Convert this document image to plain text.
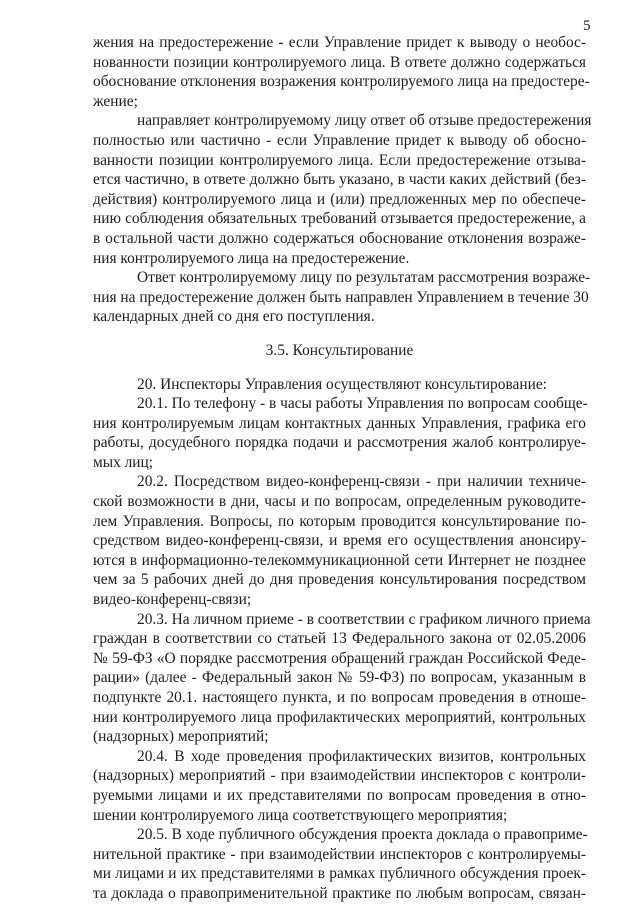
5
жения на предостережение - если Управление придет к выводу о необос-
нованности позиции контролируемого лица. В ответе должно содержаться
обоснование отклонения возражения контролируемого лица на предостере-
жение;
направляет контролируемому лицу ответ об отзыве предостережения
полностью или частично - если Управление придет к выводу об обосно-
ванности позиции контролируемого лица. Если предостережение отзыва-
ется частично, в ответе должно быть указано, в части каких действий (без-
действия) контролируемого лица и (или) предложенных мер по обеспече-
нию соблюдения обязательных требований отзывается предостережение, а
в остальной части должно содержаться обоснование отклонения возраже-
ния контролируемого лица на предостережение.
Ответ контролируемому лицу по результатам рассмотрения возраже-
ния на предостережение должен быть направлен Управлением в течение 30
календарных дней со дня его поступления.
3.5. Консультирование
20. Инспекторы Управления осуществляют консультирование:
20.1. По телефону - в часы работы Управления по вопросам сообще-
ния контролируемым лицам контактных данных Управления, графика его
работы, досудебного порядка подачи и рассмотрения жалоб контролируе-
мых лиц;
20.2. Посредством видео-конференц-связи - при наличии техниче-
ской возможности в дни, часы и по вопросам, определенным руководите-
лем Управления. Вопросы, по которым проводится консультирование по-
средством видео-конференц-связи, и время его осуществления анонсиру-
ются в информационно-телекоммуникационной сети Интернет не позднее
чем за 5 рабочих дней до дня проведения консультирования посредством
видео-конференц-связи;
20.3. На личном приеме - в соответствии с графиком личного приема
граждан в соответствии со статьей 13 Федерального закона от 02.05.2006
№ 59-ФЗ «О порядке рассмотрения обращений граждан Российской Феде-
рации» (далее - Федеральный закон № 59-ФЗ) по вопросам, указанным в
подпункте 20.1. настоящего пункта, и по вопросам проведения в отноше-
нии контролируемого лица профилактических мероприятий, контрольных
(надзорных) мероприятий;
20.4. В ходе проведения профилактических визитов, контрольных
(надзорных) мероприятий - при взаимодействии инспекторов с контроли-
руемыми лицами и их представителями по вопросам проведения в отно-
шении контролируемого лица соответствующего мероприятия;
20.5. В ходе публичного обсуждения проекта доклада о правоприме-
нительной практике - при взаимодействии инспекторов с контролируемы-
ми лицами и их представителями в рамках публичного обсуждения проек-
та доклада о правоприменительной практике по любым вопросам, связан-
